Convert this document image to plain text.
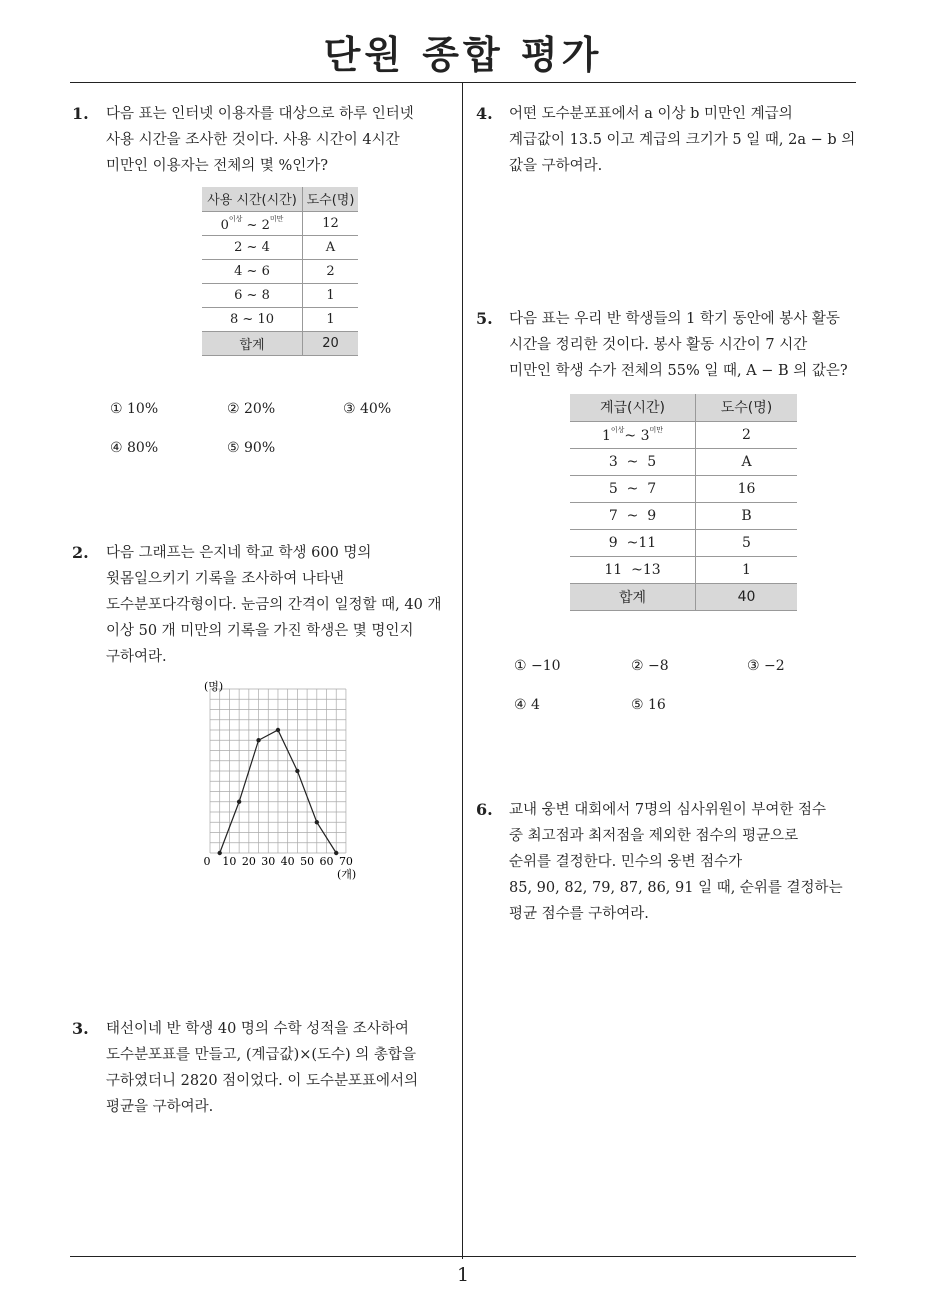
단원 종합 평가
1
1. 다음 표는 인터넷 이용자를 대상으로 하루 인터넷
사용 시간을 조사한 것이다. 사용 시간이 4시간
미만인 이용자는 전체의 몇 %인가?
사용 시간(시간)	도수(명)
$0^{이상}$ ~ $2^{미만}$	12
2 ~ 4	A
4 ~ 6	2
6 ~ 8	1
8 ~ 10	1
합계	20
① 10%	② 20%	③ 40%
④ 80%	⑤ 90%
2. 다음 그래프는 은지네 학교 학생 600 명의
윗몸일으키기 기록을 조사하여 나타낸
도수분포다각형이다. 눈금의 간격이 일정할 때, 40 개
이상 50 개 미만의 기록을 가진 학생은 몇 명인지
구하여라.
0 10 20 30 40 50 60 70
(명)
(개)
3. 태선이네 반 학생 40 명의 수학 성적을 조사하여
도수분포표를 만들고, (계급값)×(도수) 의 총합을
구하였더니 2820 점이었다. 이 도수분포표에서의
평균을 구하여라.
4. 어떤 도수분포표에서 a 이상 b 미만인 계급의
계급값이 13.5 이고 계급의 크기가 5 일 때, 2a − b 의
값을 구하여라.
5. 다음 표는 우리 반 학생들의 1 학기 동안에 봉사 활동
시간을 정리한 것이다. 봉사 활동 시간이 7 시간
미만인 학생 수가 전체의 55% 일 때, A − B 의 값은?
계급(시간)	도수(명)
$1^{이상}\sim$ $3^{미만}$	2
3  ~  5	A
5  ~  7	16
7  ~  9	B
9  ~11	5
11  ~13	1
합계	40
① −10	② −8	③ −2
④ 4	⑤ 16
6. 교내 웅변 대회에서 7명의 심사위원이 부여한 점수
중 최고점과 최저점을 제외한 점수의 평균으로
순위를 결정한다. 민수의 웅변 점수가
85, 90, 82, 79, 87, 86, 91 일 때, 순위를 결정하는
평균 점수를 구하여라.
